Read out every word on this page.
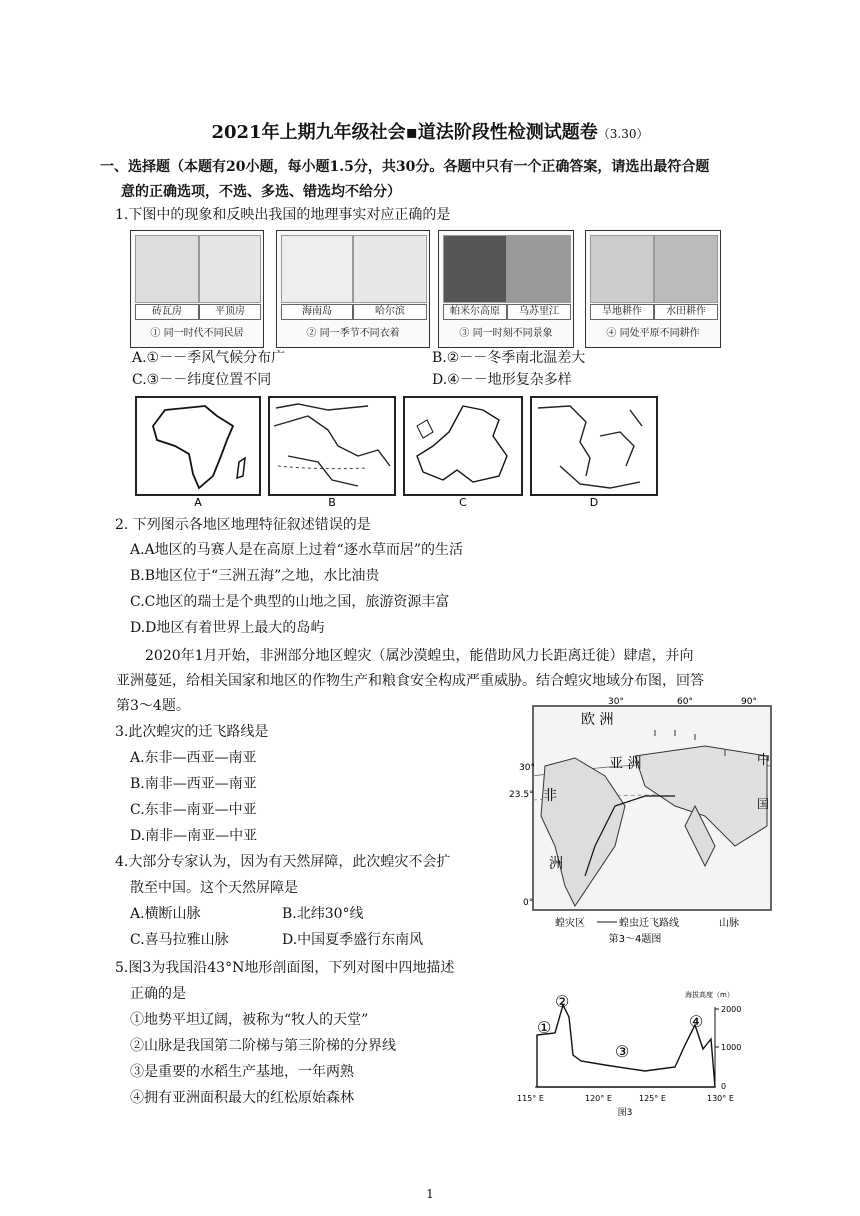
2021年上期九年级社会▪道法阶段性检测试题卷（3.30）
一、选择题（本题有20小题，每小题1.5分，共30分。各题中只有一个正确答案，请选出最符合题
意的正确选项，不选、多选、错选均不给分）
1.下图中的现象和反映出我国的地理事实对应正确的是
砖瓦房	平顶房
① 同一时代不同民居
海南岛	哈尔滨
② 同一季节不同衣着
帕米尔高原	乌苏里江
③ 同一时刻不同景象
旱地耕作	水田耕作
④ 同处平原不同耕作
A.①－－季风气候分布广	B.②－－冬季南北温差大
C.③－－纬度位置不同	D.④－－地形复杂多样
A	B	C	D
2. 下列图示各地区地理特征叙述错误的是
A.A地区的马赛人是在高原上过着“逐水草而居”的生活
B.B地区位于“三洲五海”之地，水比油贵
C.C地区的瑞士是个典型的山地之国，旅游资源丰富
D.D地区有着世界上最大的岛屿
2020年1月开始，非洲部分地区蝗灾（属沙漠蝗虫，能借助风力长距离迁徙）肆虐，并向
亚洲蔓延，给相关国家和地区的作物生产和粮食安全构成严重威胁。结合蝗灾地域分布图，回答
第3～4题。
3.此次蝗灾的迁飞路线是
A.东非—西亚—南亚
B.南非—西亚—南亚
C.东非—南亚—中亚
D.南非—南亚—中亚
4.大部分专家认为，因为有天然屏障，此次蝗灾不会扩
散至中国。这个天然屏障是
A.横断山脉	B.北纬30°线
C.喜马拉雅山脉	D.中国夏季盛行东南风
30°	60°	90°
30°
23.5°
0°
欧 洲
亚 洲
非
洲
中
国
蝗灾区	蝗虫迁飞路线	山脉
第3～4题图
5.图3为我国沿43°N地形剖面图，下列对图中四地描述
正确的是
①地势平坦辽阔，被称为“牧人的天堂”
②山脉是我国第二阶梯与第三阶梯的分界线
③是重要的水稻生产基地，一年两熟
④拥有亚洲面积最大的红松原始森林
海拔高度（m）
2000
1000
0
115° E	120° E	125° E	130° E
①
②
③
④
图3
1
